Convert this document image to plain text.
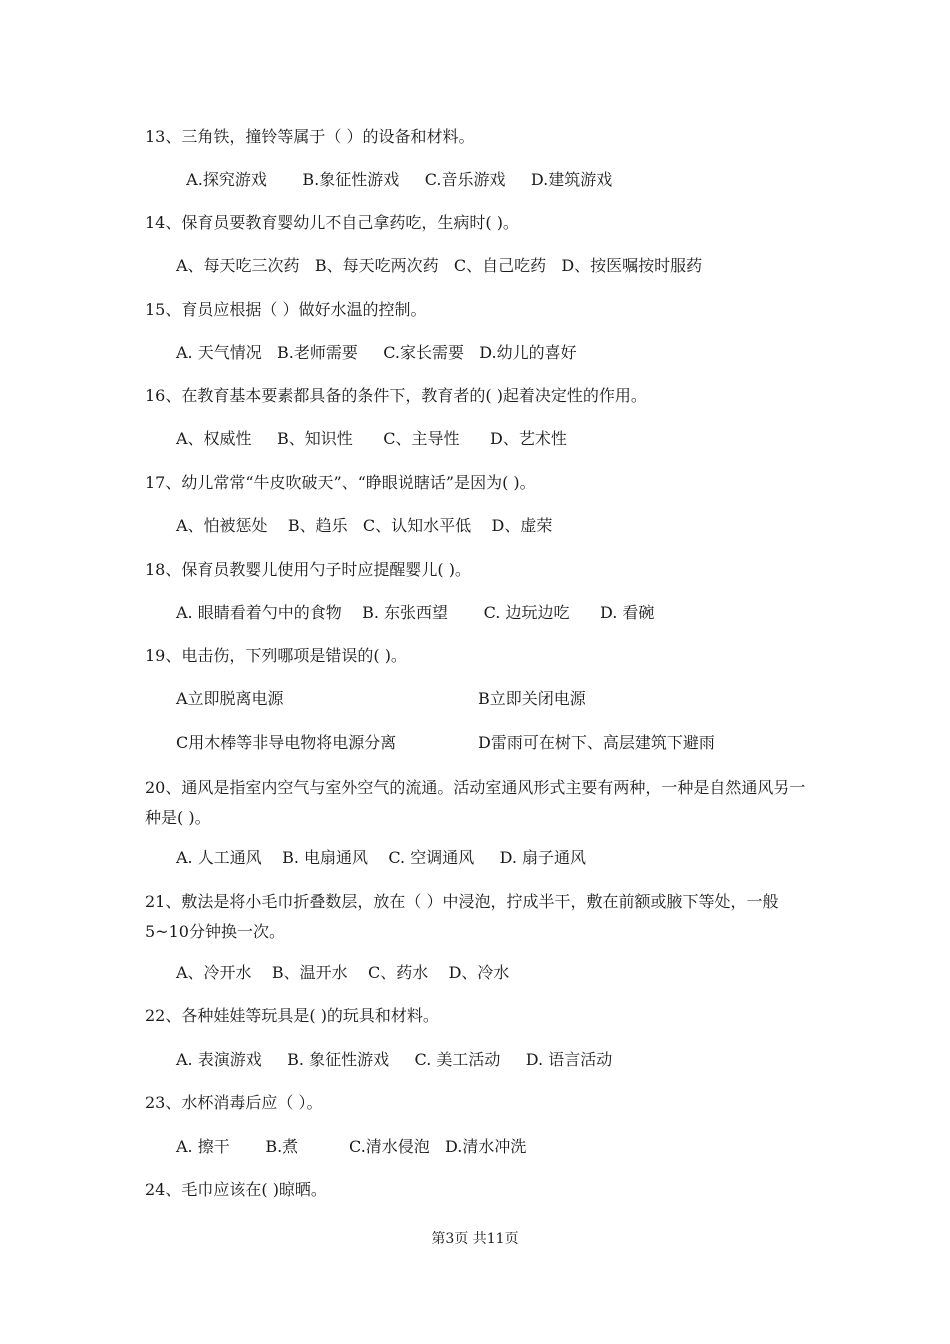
13、三角铁，撞铃等属于（ ）的设备和材料。
A.探究游戏       B.象征性游戏     C.音乐游戏     D.建筑游戏
14、保育员要教育婴幼儿不自己拿药吃，生病时( )。
A、每天吃三次药   B、每天吃两次药   C、自己吃药   D、按医嘱按时服药
15、育员应根据（ ）做好水温的控制。
A. 天气情况   B.老师需要     C.家长需要   D.幼儿的喜好
16、在教育基本要素都具备的条件下，教育者的( )起着决定性的作用。
A、权威性     B、知识性      C、主导性      D、艺术性
17、幼儿常常“牛皮吹破天”、“睁眼说瞎话”是因为( )。
A、怕被惩处    B、趋乐   C、认知水平低    D、虚荣
18、保育员教婴儿使用勺子时应提醒婴儿( )。
A. 眼睛看着勺中的食物    B. 东张西望       C. 边玩边吃      D. 看碗
19、电击伤，下列哪项是错误的( )。
A立即脱离电源	B立即关闭电源
C用木棒等非导电物将电源分离	D雷雨可在树下、高层建筑下避雨
20、通风是指室内空气与室外空气的流通。活动室通风形式主要有两种，一种是自然通风另一种是( )。
A. 人工通风    B. 电扇通风    C. 空调通风     D. 扇子通风
21、敷法是将小毛巾折叠数层，放在（ ）中浸泡，拧成半干，敷在前额或腋下等处，一般5~10分钟换一次。
A、冷开水    B、温开水    C、药水    D、冷水
22、各种娃娃等玩具是( )的玩具和材料。
A. 表演游戏     B. 象征性游戏     C. 美工活动     D. 语言活动
23、水杯消毒后应（ ）。
A. 擦干       B.煮          C.清水侵泡   D.清水冲洗
24、毛巾应该在( )晾晒。
第3页 共11页
